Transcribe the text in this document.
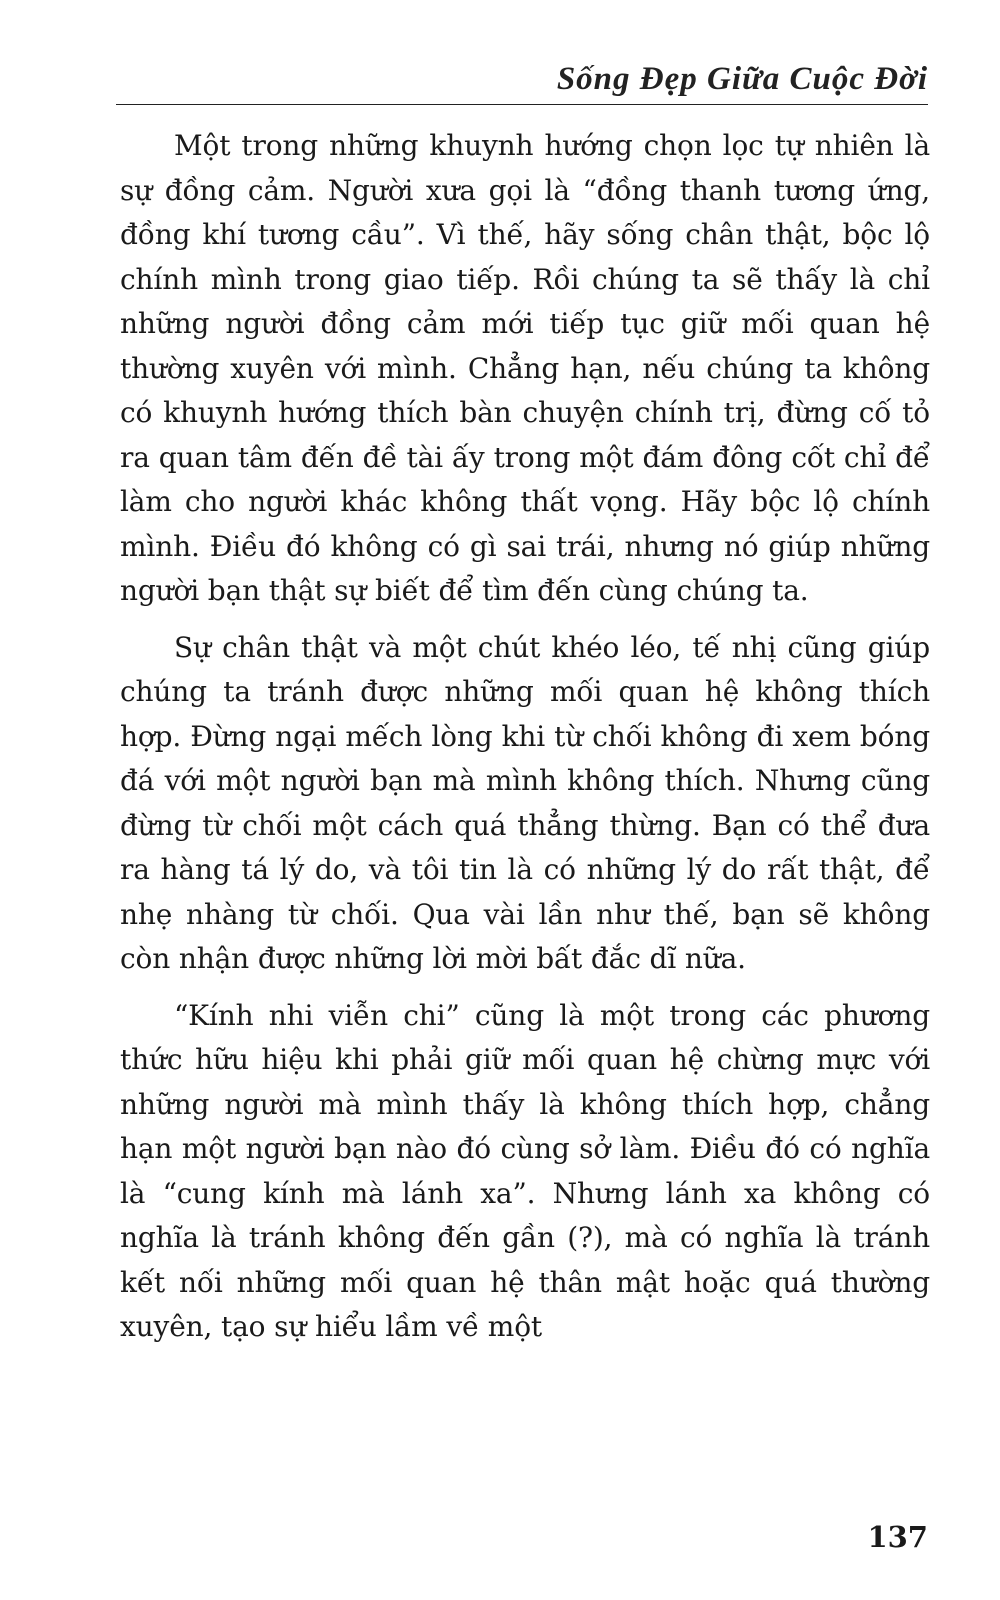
Sống Đẹp Giữa Cuộc Đời

Một trong những khuynh hướng chọn lọc tự nhiên là sự đồng cảm. Người xưa gọi là “đồng thanh tương ứng, đồng khí tương cầu”. Vì thế, hãy sống chân thật, bộc lộ chính mình trong giao tiếp. Rồi chúng ta sẽ thấy là chỉ những người đồng cảm mới tiếp tục giữ mối quan hệ thường xuyên với mình. Chẳng hạn, nếu chúng ta không có khuynh hướng thích bàn chuyện chính trị, đừng cố tỏ ra quan tâm đến đề tài ấy trong một đám đông cốt chỉ để làm cho người khác không thất vọng. Hãy bộc lộ chính mình. Điều đó không có gì sai trái, nhưng nó giúp những người bạn thật sự biết để tìm đến cùng chúng ta.

Sự chân thật và một chút khéo léo, tế nhị cũng giúp chúng ta tránh được những mối quan hệ không thích hợp. Đừng ngại mếch lòng khi từ chối không đi xem bóng đá với một người bạn mà mình không thích. Nhưng cũng đừng từ chối một cách quá thẳng thừng. Bạn có thể đưa ra hàng tá lý do, và tôi tin là có những lý do rất thật, để nhẹ nhàng từ chối. Qua vài lần như thế, bạn sẽ không còn nhận được những lời mời bất đắc dĩ nữa.

“Kính nhi viễn chi” cũng là một trong các phương thức hữu hiệu khi phải giữ mối quan hệ chừng mực với những người mà mình thấy là không thích hợp, chẳng hạn một người bạn nào đó cùng sở làm. Điều đó có nghĩa là “cung kính mà lánh xa”. Nhưng lánh xa không có nghĩa là tránh không đến gần (?), mà có nghĩa là tránh kết nối những mối quan hệ thân mật hoặc quá thường xuyên, tạo sự hiểu lầm về một

137
